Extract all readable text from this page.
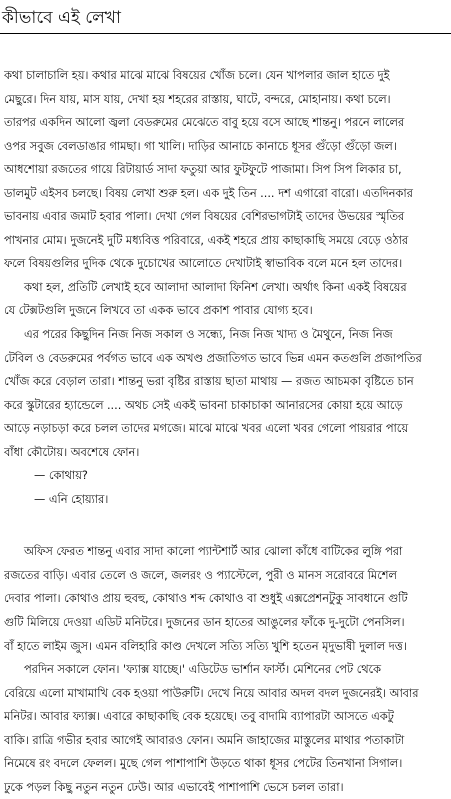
কীভাবে এই লেখা
কথা চালাচালি হয়। কথার মাঝে মাঝে বিষয়ের খোঁজ চলে। যেন খাপলার জাল হাতে দুই
মেছুরে। দিন যায়, মাস যায়, দেখা হয় শহরের রাস্তায়, ঘাটে, বন্দরে, মোহানায়। কথা চলে।
তারপর একদিন আলো জ্বলা বেডরুমের মেঝেতে বাবু হয়ে বসে আছে শান্তনু। পরনে লালের
ওপর সবুজ বেলডাঙার গামছা। গা খালি। দাড়ির আনাচে কানাচে ধূসর গুঁড়ো গুঁড়ো জল।
আধশোয়া রজতের গায়ে রিটায়ার্ড সাদা ফতুয়া আর ফুটফুটে পাজামা। সিপ সিপ লিকার চা,
ডালমুট এইসব চলছে। বিষয় লেখা শুরু হল। এক দুই তিন .... দশ এগারো বারো। এতদিনকার
ভাবনায় এবার জমাট হবার পালা। দেখা গেল বিষয়ের বেশিরভাগটাই তাদের উভয়ের স্মৃতির
পাখনার মোম। দুজনেই দুটি মধ্যবিত্ত পরিবারে, একই শহরে প্রায় কাছাকাছি সময়ে বেড়ে ওঠার
ফলে বিষয়গুলির দুদিক থেকে দুচোখের আলোতে দেখাটাই স্বাভাবিক বলে মনে হল তাদের।
কথা হল, প্রতিটি লেখাই হবে আলাদা আলাদা ফিনিশ লেখা। অর্থাৎ কিনা একই বিষয়ের
যে টেক্সটগুলি দুজনে লিখবে তা একক ভাবে প্রকাশ পাবার যোগ্য হবে।
এর পরের কিছুদিন নিজ নিজ সকাল ও সন্ধ্যে, নিজ নিজ খাদ্য ও মৈথুনে, নিজ নিজ
টেবিল ও বেডরুমের পর্বগত ভাবে এক অখণ্ড প্রজাতিগত ভাবে ভিন্ন এমন কতগুলি প্রজাপতির
খোঁজ করে বেড়াল তারা। শান্তনু ভরা বৃষ্টির রাস্তায় ছাতা মাথায় — রজত আচমকা বৃষ্টিতে চান
করে স্কুটারের হ্যান্ডেলে .... অথচ সেই একই ভাবনা চাকাচাকা আনারসের কোয়া হয়ে আড়ে
আড়ে নড়াচড়া করে চলল তাদের মগজে। মাঝে মাঝে খবর এলো খবর গেলো পায়রার পায়ে
বাঁধা কৌটোয়। অবশেষে ফোন।
— কোথায়?
— এনি হোয়্যার।
অফিস ফেরত শান্তনু এবার সাদা কালো প্যান্টশার্ট আর ঝোলা কাঁধে বাটিকের লুঙ্গি পরা
রজতের বাড়ি। এবার তেলে ও জলে, জলরং ও প্যাস্টেলে, পুরী ও মানস সরোবরে মিশেল
দেবার পালা। কোথাও প্রায় হুবহু, কোথাও শব্দ কোথাও বা শুধুই এক্সপ্রেশনটুকু সাবধানে গুটি
গুটি মিলিয়ে দেওয়া এডিট মনিটরে। দুজনের ডান হাতের আঙুলের ফাঁকে দু-দুটো পেনসিল।
বাঁ হাতে লাইম জুস। এমন বলিহারি কাণ্ড দেখলে সত্যি সত্যি খুশি হতেন মৃদুভাষী দুলাল দত্ত।
পরদিন সকালে ফোন। 'ফ্যাক্স যাচ্ছে।' এডিটেড ভার্শান ফার্স্ট। মেশিনের পেট থেকে
বেরিয়ে এলো মাখামাখি বেক হওয়া পাউরুটি। দেখে নিয়ে আবার অদল বদল দুজনেরই। আবার
মনিটর। আবার ফ্যাক্স। এবারে কাছাকাছি বেক হয়েছে। তবু বাদামি ব্যাপারটা আসতে একটু
বাকি। রাত্রি গভীর হবার আগেই আবারও ফোন। অমনি জাহাজের মাস্তুলের মাথার পতাকাটা
নিমেষে রং বদলে ফেলল। মুছে গেল পাশাপাশি উড়তে থাকা ধূসর পেটের তিনখানা সিগাল।
ঢুকে পড়ল কিছু নতুন নতুন ঢেউ। আর এভাবেই পাশাপাশি ভেসে চলল তারা।
